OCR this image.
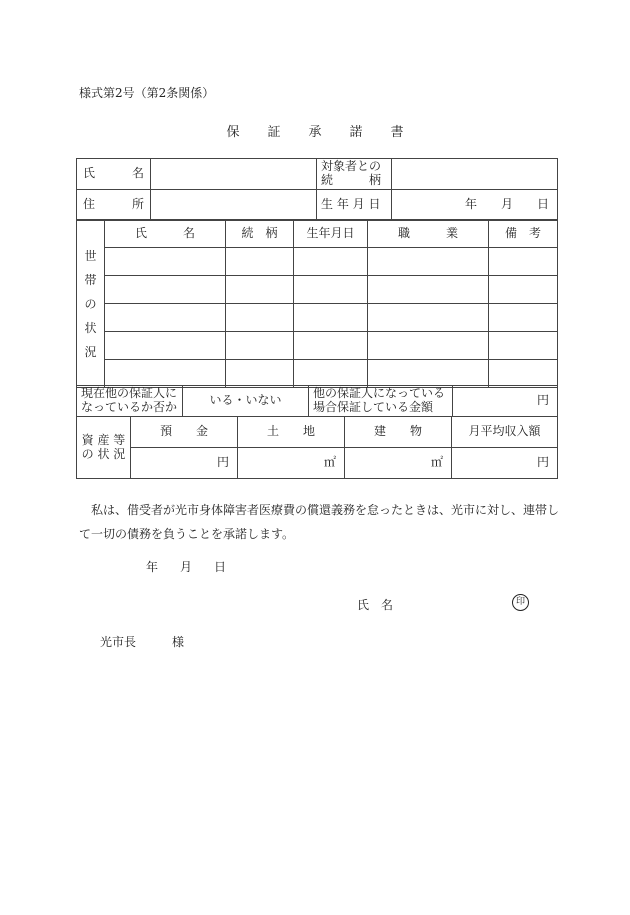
様式第2号（第2条関係）
保 証 承 諾 書
氏　　　名		対象者との
続　　　柄	

住　　　所		生 年 月 日	年　　月　　日
世
帯
の
状
況	氏　　　名	続　柄	生年月日	職　　　業	備　考

現在他の保証人に
なっているか否か	いる・いない	他の保証人になっている
場合保証している金額	円
資 産 等
の 状 況	預　　金	土　　地	建　　物	月平均収入額
	円	㎡	㎡	円
私は、借受者が光市身体障害者医療費の償還義務を怠ったときは、光市に対し、連帯して一切の債務を負うことを承諾します。
年 月 日
氏　名	印
光市長	様
